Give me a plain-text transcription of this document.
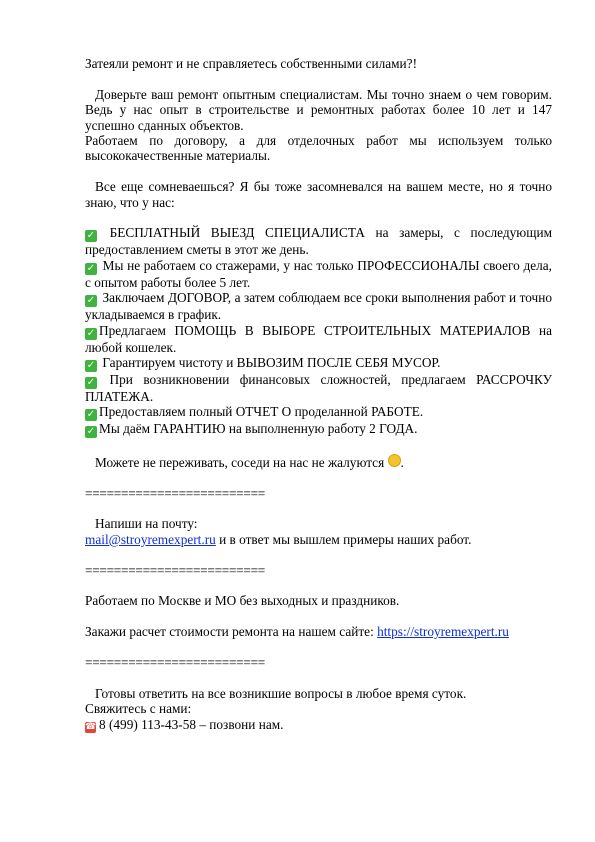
Затеяли ремонт и не справляетесь собственными силами?!

Доверьте ваш ремонт опытным специалистам. Мы точно знаем о чем говорим. Ведь у нас опыт в строительстве и ремонтных работах более 10 лет и 147 успешно сданных объектов.

Работаем по договору, а для отделочных работ мы используем только высококачественные материалы.

Все еще сомневаешься? Я бы тоже засомневался на вашем месте, но я точно знаю, что у нас:

✓ БЕСПЛАТНЫЙ ВЫЕЗД СПЕЦИАЛИСТА на замеры, с последующим предоставлением сметы в этот же день.

✓ Мы не работаем со стажерами, у нас только ПРОФЕССИОНАЛЫ своего дела, с опытом работы более 5 лет.

✓ Заключаем ДОГОВОР, а затем соблюдаем все сроки выполнения работ и точно укладываемся в график.

✓ Предлагаем ПОМОЩЬ В ВЫБОРЕ СТРОИТЕЛЬНЫХ МАТЕРИАЛОВ на любой кошелек.

✓ Гарантируем чистоту и ВЫВОЗИМ ПОСЛЕ СЕБЯ МУСОР.

✓ При возникновении финансовых сложностей, предлагаем РАССРОЧКУ ПЛАТЕЖА.

✓ Предоставляем полный ОТЧЕТ О проделанной РАБОТЕ.

✓ Мы даём ГАРАНТИЮ на выполненную работу 2 ГОДА.

Можете не переживать, соседи на нас не жалуются .

=========================

Напиши на почту:

mail@stroyremexpert.ru и в ответ мы вышлем примеры наших работ.

=========================

Работаем по Москве и МО без выходных и праздников.

Закажи расчет стоимости ремонта на нашем сайте: https://stroyremexpert.ru

=========================

Готовы ответить на все возникшие вопросы в любое время суток.

Свяжитесь с нами:

☎ 8 (499) 113-43-58 – позвони нам.
